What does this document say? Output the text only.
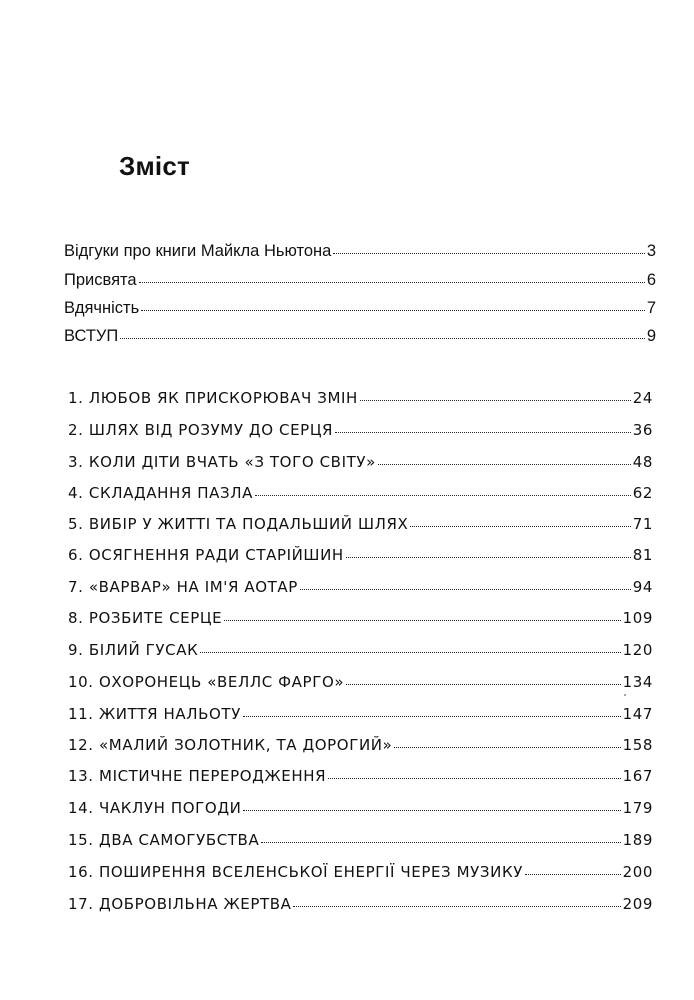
Зміст
Відгуки про книги Майкла Ньютона	3
Присвята	6
Вдячність	7
ВСТУП	9
1. ЛЮБОВ ЯК ПРИСКОРЮВАЧ ЗМІН	24
2. ШЛЯХ ВІД РОЗУМУ ДО СЕРЦЯ	36
3. КОЛИ ДІТИ ВЧАТЬ «З ТОГО СВІТУ»	48
4. СКЛАДАННЯ ПАЗЛА	62
5. ВИБІР У ЖИТТІ ТА ПОДАЛЬШИЙ ШЛЯХ	71
6. ОСЯГНЕННЯ РАДИ СТАРІЙШИН	81
7. «ВАРВАР» НА ІМ'Я АОТАР	94
8. РОЗБИТЕ СЕРЦЕ	109
9. БІЛИЙ ГУСАК	120
10. ОХОРОНЕЦЬ «ВЕЛЛС ФАРГО»	134
11. ЖИТТЯ НАЛЬОТУ	147
12. «МАЛИЙ ЗОЛОТНИК, ТА ДОРОГИЙ»	158
13. МІСТИЧНЕ ПЕРЕРОДЖЕННЯ	167
14. ЧАКЛУН ПОГОДИ	179
15. ДВА САМОГУБСТВА	189
16. ПОШИРЕННЯ ВСЕЛЕНСЬКОЇ ЕНЕРГІЇ ЧЕРЕЗ МУЗИКУ	200
17. ДОБРОВІЛЬНА ЖЕРТВА	209
